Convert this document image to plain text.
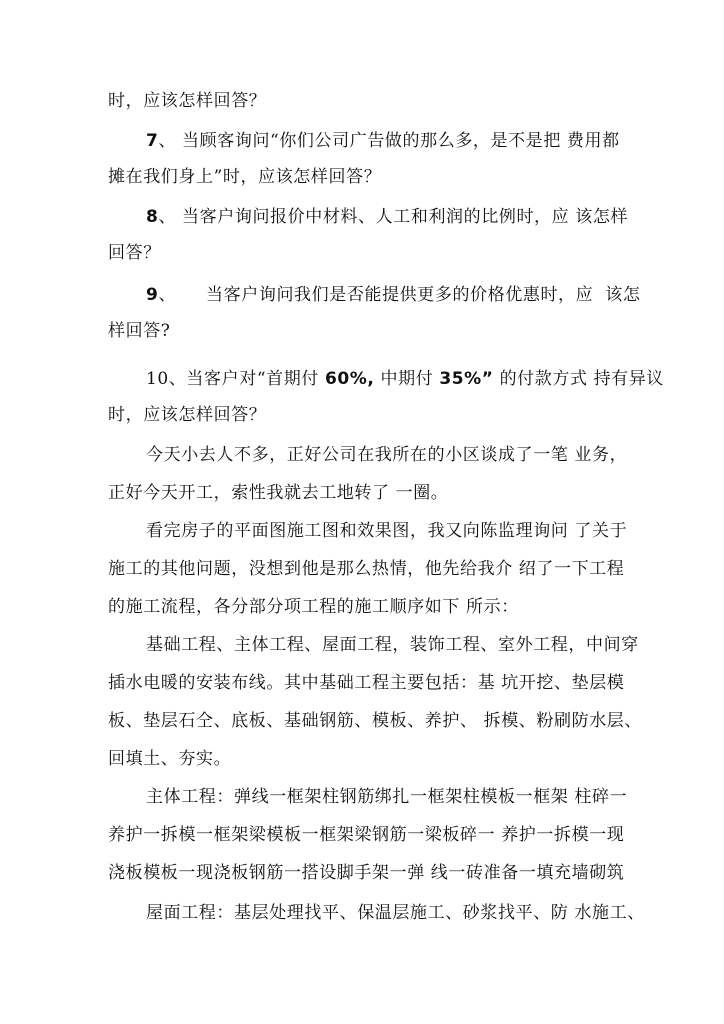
时，应该怎样回答？
7、 当顾客询问“你们公司广告做的那么多，是不是把 费用都
摊在我们身上”时，应该怎样回答？
8、 当客户询问报价中材料、人工和利润的比例时，应 该怎样
回答？
9、     当客户询问我们是否能提供更多的价格优惠时，应  该怎
样回答?
10、当客户对“首期付 60%, 中期付 35%” 的付款方式 持有异议
时，应该怎样回答？
今天小去人不多，正好公司在我所在的小区谈成了一笔 业务，
正好今天开工，索性我就去工地转了 一圈。
看完房子的平面图施工图和效果图，我又向陈监理询问 了关于
施工的其他问题，没想到他是那么热情，他先给我介 绍了一下工程
的施工流程，各分部分项工程的施工顺序如下 所示：
基础工程、主体工程、屋面工程，装饰工程、室外工程，中间穿
插水电暖的安装布线。其中基础工程主要包括：基 坑开挖、垫层模
板、垫层石仝、底板、基础钢筋、模板、养护、 拆模、粉刷防水层、
回填土、夯实。
主体工程：弹线一框架柱钢筋绑扎一框架柱模板一框架 柱碎一
养护一拆模一框架梁模板一框架梁钢筋一梁板碎一 养护一拆模一现
浇板模板一现浇板钢筋一搭设脚手架一弹 线一砖准备一填充墙砌筑
屋面工程：基层处理找平、保温层施工、砂浆找平、防 水施工、
